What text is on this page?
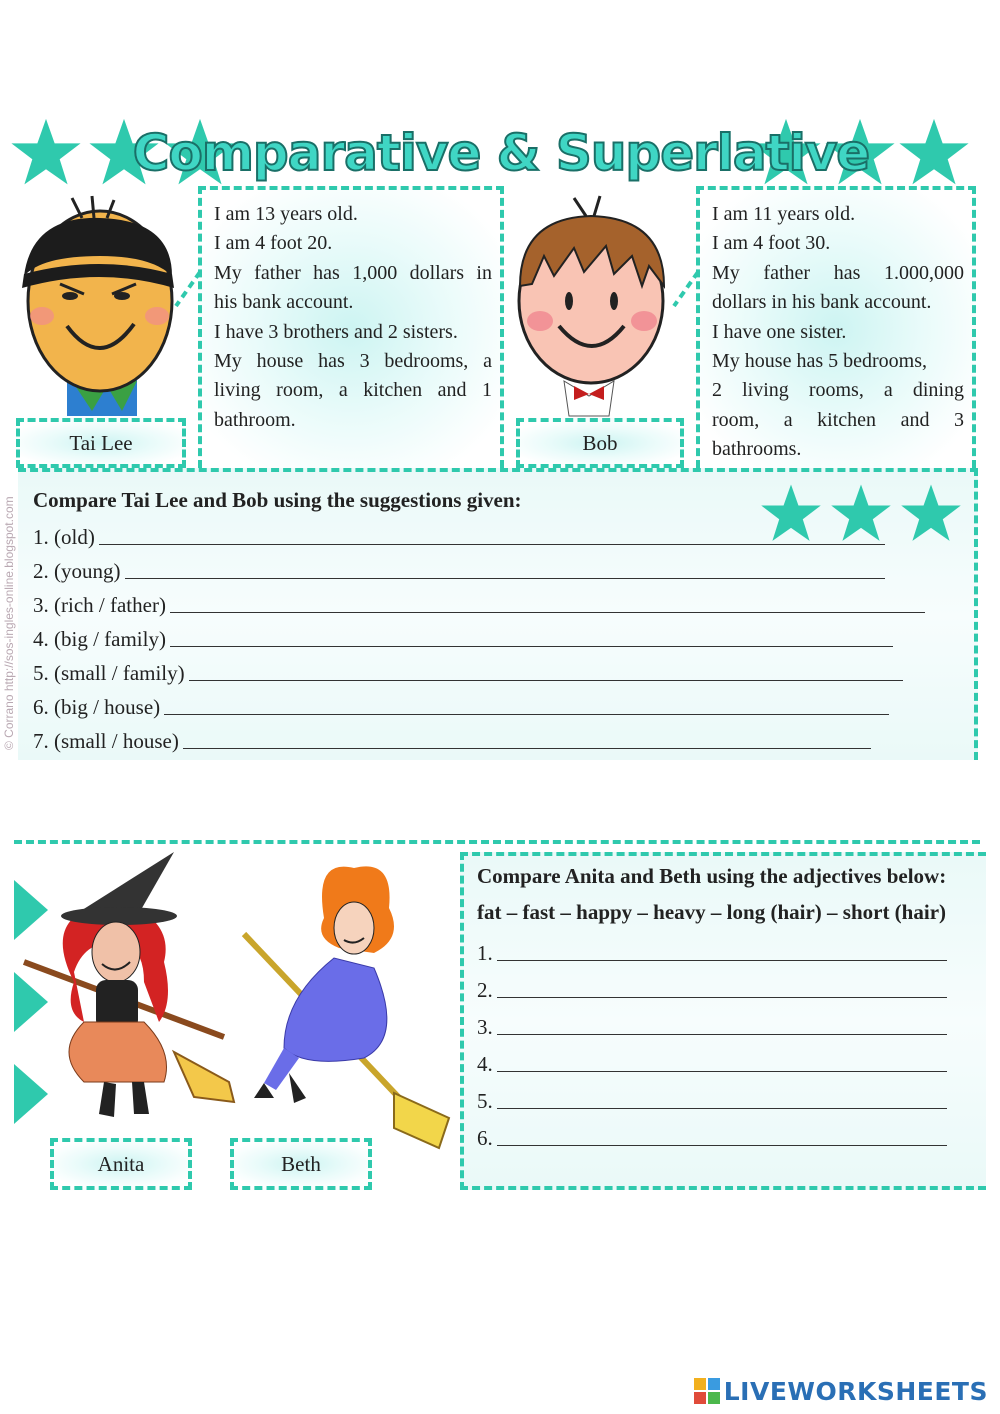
Comparative & Superlative
I am 13 years old.
I am 4 foot 20.
My father has 1,000 dollars in
his bank account.
I have 3 brothers and 2 sisters.
My house has 3 bedrooms, a
living room, a kitchen and 1
bathroom.
Tai Lee
I am 11 years old.
I am 4 foot 30.
My father has 1.000,000
dollars in his bank account.
I have one sister.
My house has 5 bedrooms,
2 living rooms, a dining
room, a kitchen and 3
bathrooms.
Bob
Compare Tai Lee and Bob using the suggestions given:
1. (old)
2. (young)
3. (rich / father)
4. (big / family)
5. (small / family)
6. (big / house)
7. (small / house)
© Corrano http://sos-ingles-online.blogspot.com
Anita	Beth
Compare Anita and Beth using the adjectives below:
fat – fast – happy – heavy – long (hair) – short (hair)
1.
2.
3.
4.
5.
6.
LIVEWORKSHEETS
